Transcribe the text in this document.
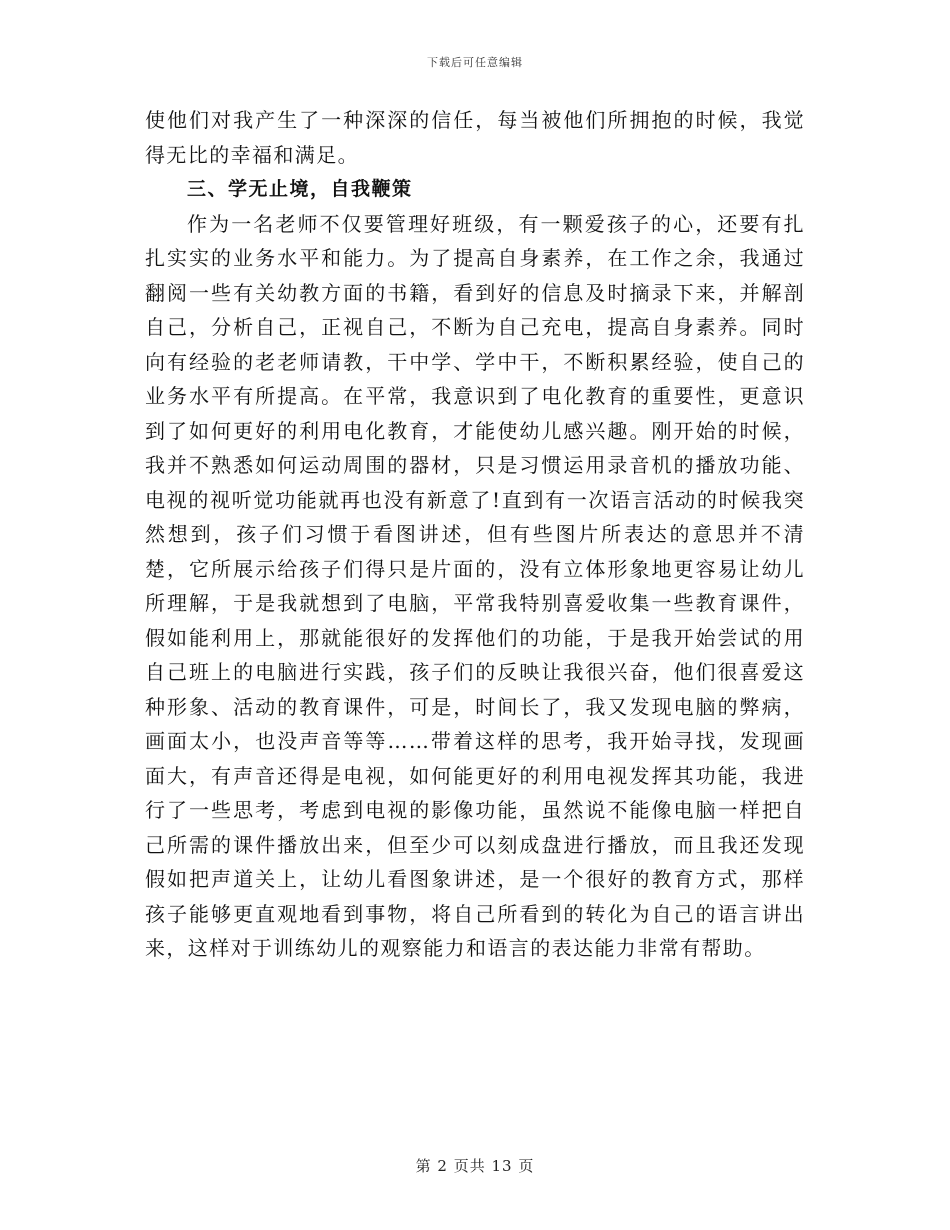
下载后可任意编辑

使他们对我产生了一种深深的信任，每当被他们所拥抱的时候，我觉得无比的幸福和满足。

三、学无止境，自我鞭策

作为一名老师不仅要管理好班级，有一颗爱孩子的心，还要有扎扎实实的业务水平和能力。为了提高自身素养，在工作之余，我通过翻阅一些有关幼教方面的书籍，看到好的信息及时摘录下来，并解剖自己，分析自己，正视自己，不断为自己充电，提高自身素养。同时向有经验的老老师请教，干中学、学中干，不断积累经验，使自己的业务水平有所提高。在平常，我意识到了电化教育的重要性，更意识到了如何更好的利用电化教育，才能使幼儿感兴趣。刚开始的时候，我并不熟悉如何运动周围的器材，只是习惯运用录音机的播放功能、电视的视听觉功能就再也没有新意了!直到有一次语言活动的时候我突然想到，孩子们习惯于看图讲述，但有些图片所表达的意思并不清楚，它所展示给孩子们得只是片面的，没有立体形象地更容易让幼儿所理解，于是我就想到了电脑，平常我特别喜爱收集一些教育课件，假如能利用上，那就能很好的发挥他们的功能，于是我开始尝试的用自己班上的电脑进行实践，孩子们的反映让我很兴奋，他们很喜爱这种形象、活动的教育课件，可是，时间长了，我又发现电脑的弊病，画面太小，也没声音等等……带着这样的思考，我开始寻找，发现画面大，有声音还得是电视，如何能更好的利用电视发挥其功能，我进行了一些思考，考虑到电视的影像功能，虽然说不能像电脑一样把自己所需的课件播放出来，但至少可以刻成盘进行播放，而且我还发现假如把声道关上，让幼儿看图象讲述，是一个很好的教育方式，那样孩子能够更直观地看到事物，将自己所看到的转化为自己的语言讲出来，这样对于训练幼儿的观察能力和语言的表达能力非常有帮助。

第 2 页共 13 页
